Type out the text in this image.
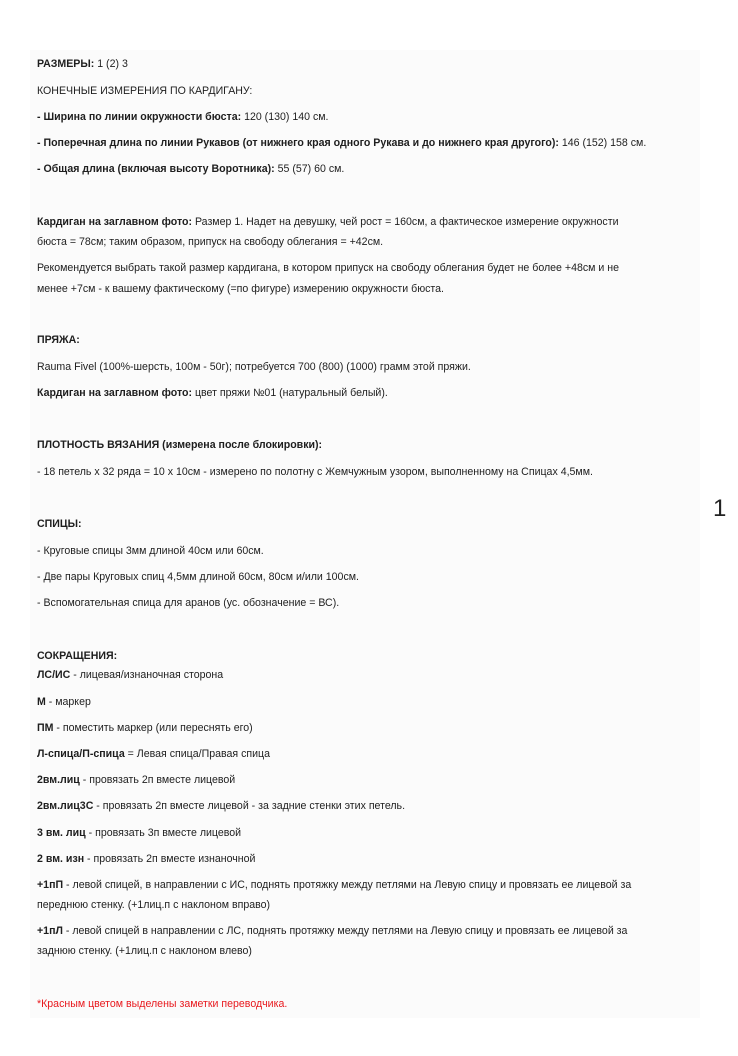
РАЗМЕРЫ: 1 (2) 3
КОНЕЧНЫЕ ИЗМЕРЕНИЯ ПО КАРДИГАНУ:
- Ширина по линии окружности бюста: 120 (130) 140 см.
- Поперечная длина по линии Рукавов (от нижнего края одного Рукава и до нижнего края другого): 146 (152) 158 см.
- Общая длина (включая высоту Воротника): 55 (57) 60 см.
Кардиган на заглавном фото: Размер 1. Надет на девушку, чей рост = 160см, а фактическое измерение окружности
бюста = 78см; таким образом, припуск на свободу облегания = +42см.
Рекомендуется выбрать такой размер кардигана, в котором припуск на свободу облегания будет не более +48см и не
менее +7см - к вашему фактическому (=по фигуре) измерению окружности бюста.
ПРЯЖА:
Rauma Fivel (100%-шерсть, 100м - 50г); потребуется 700 (800) (1000) грамм этой пряжи.
Кардиган на заглавном фото: цвет пряжи №01 (натуральный белый).
ПЛОТНОСТЬ ВЯЗАНИЯ (измерена после блокировки):
- 18 петель х 32 ряда = 10 х 10см - измерено по полотну с Жемчужным узором, выполненному на Спицах 4,5мм.
СПИЦЫ:
- Круговые спицы 3мм длиной 40см или 60см.
- Две пары Круговых спиц 4,5мм длиной 60см, 80см и/или 100см.
- Вспомогательная спица для аранов (ус. обозначение = ВС).
СОКРАЩЕНИЯ:
ЛС/ИС - лицевая/изнаночная сторона
М - маркер
ПМ - поместить маркер (или переснять его)
Л-спица/П-спица = Левая спица/Правая спица
2вм.лиц - провязать 2п вместе лицевой
2вм.лиц3С - провязать 2п вместе лицевой - за задние стенки этих петель.
3 вм. лиц - провязать 3п вместе лицевой
2 вм. изн - провязать 2п вместе изнаночной
+1пП - левой спицей, в направлении с ИС, поднять протяжку между петлями на Левую спицу и провязать ее лицевой за
переднюю стенку. (+1лиц.п с наклоном вправо)
+1пЛ - левой спицей в направлении с ЛС, поднять протяжку между петлями на Левую спицу и провязать ее лицевой за
заднюю стенку. (+1лиц.п с наклоном влево)
*Красным цветом выделены заметки переводчика.
1
